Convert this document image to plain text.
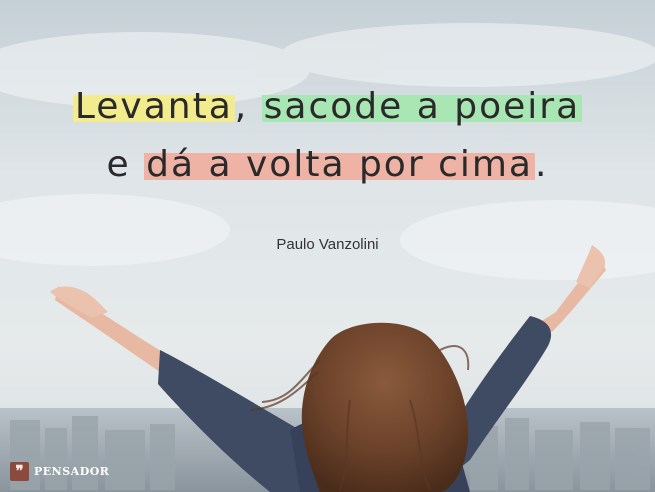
Levanta, sacode a poeira
e dá a volta por cima.
Paulo Vanzolini
❞ PENSADOR
